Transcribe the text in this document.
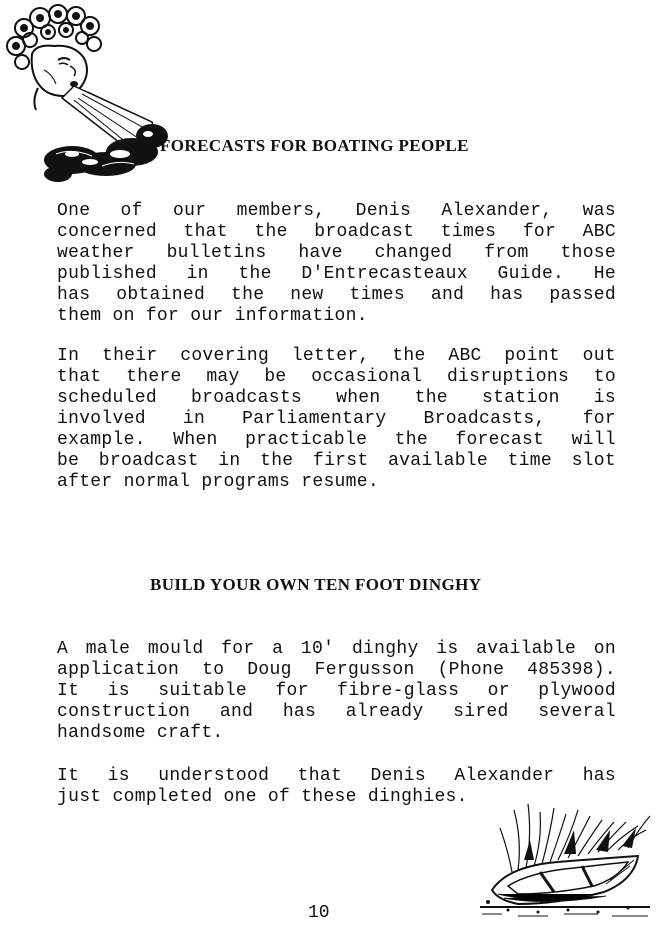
FORECASTS FOR BOATING PEOPLE

One of our members, Denis Alexander, was
concerned that the broadcast times for ABC
weather bulletins have changed from those
published in the D'Entrecasteaux Guide. He
has obtained the new times and has passed
them on for our information.

In their covering letter, the ABC point out
that there may be occasional disruptions to
scheduled broadcasts when the station is
involved in Parliamentary Broadcasts, for
example. When practicable the forecast will
be broadcast in the first available time slot
after normal programs resume.

BUILD YOUR OWN TEN FOOT DINGHY

A male mould for a 10' dinghy is available on
application to Doug Fergusson (Phone 485398).
It is suitable for fibre-glass or plywood
construction and has already sired several
handsome craft.

It is understood that Denis Alexander has
just completed one of these dinghies.

10
